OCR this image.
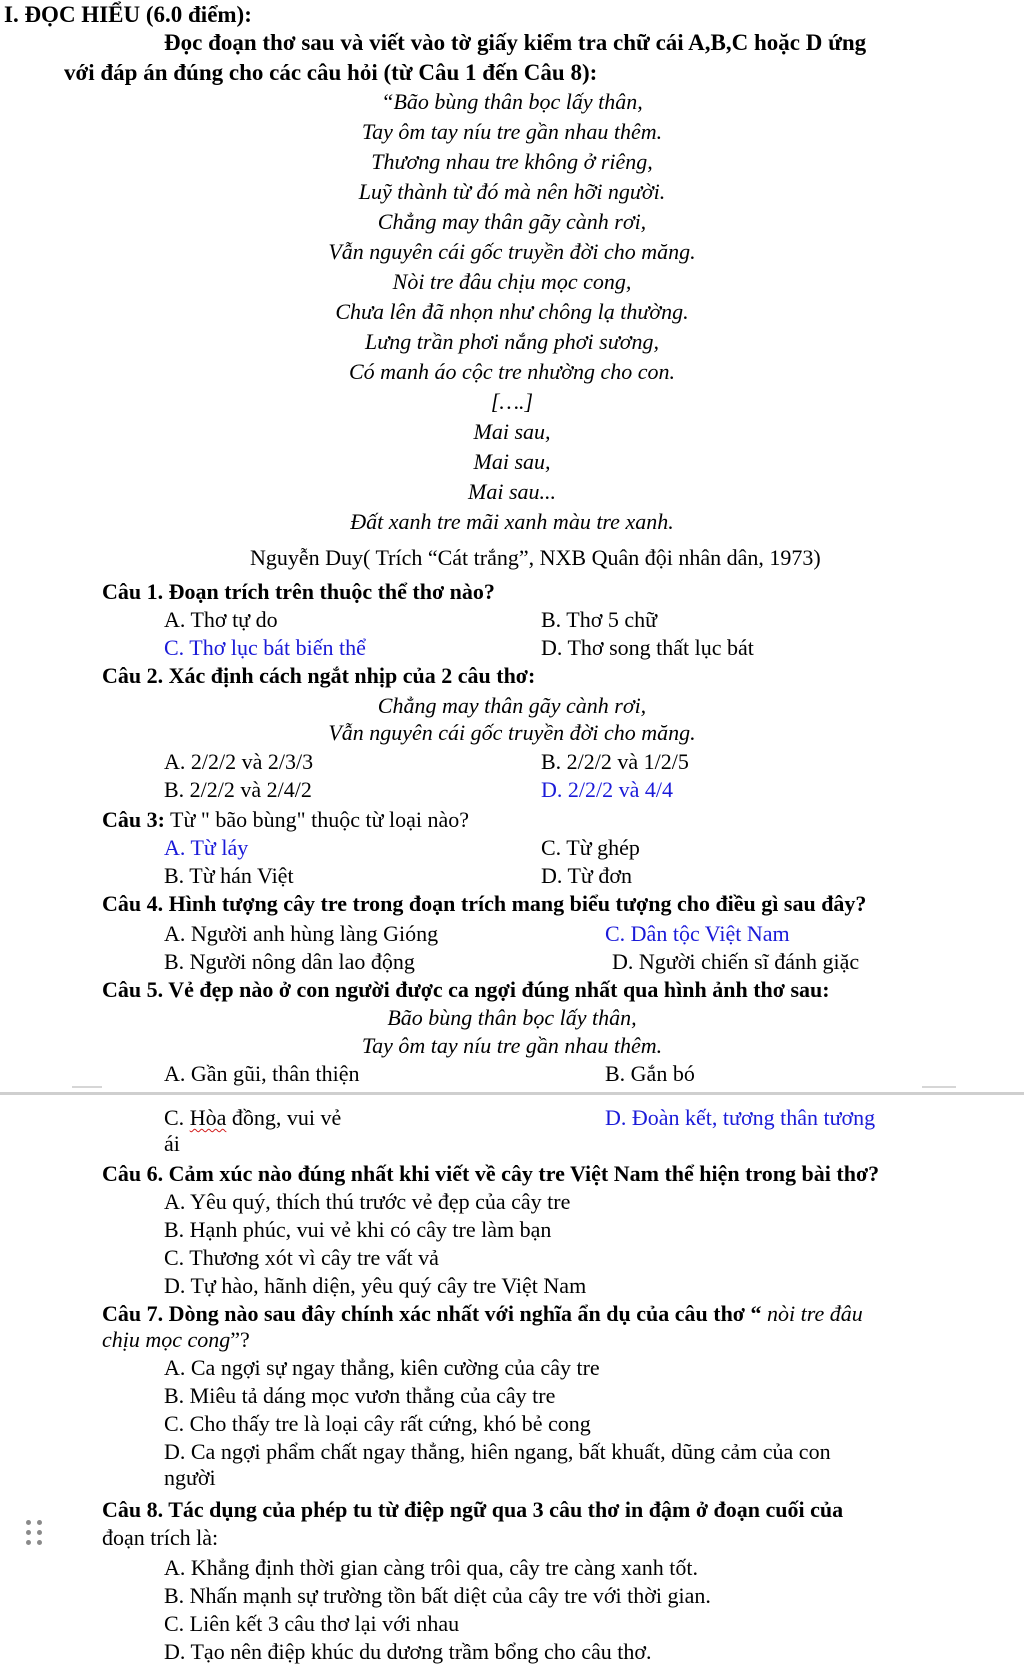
I. ĐỌC HIỂU (6.0 điểm):
Đọc đoạn thơ sau và viết vào tờ giấy kiểm tra chữ cái A,B,C hoặc D ứng
với đáp án đúng cho các câu hỏi (từ Câu 1 đến Câu 8):
“Bão bùng thân bọc lấy thân,
Tay ôm tay níu tre gần nhau thêm.
Thương nhau tre không ở riêng,
Luỹ thành từ đó mà nên hỡi người.
Chẳng may thân gãy cành rơi,
Vẫn nguyên cái gốc truyền đời cho măng.
Nòi tre đâu chịu mọc cong,
Chưa lên đã nhọn như chông lạ thường.
Lưng trần phơi nắng phơi sương,
Có manh áo cộc tre nhường cho con.
[….]
Mai sau,
Mai sau,
Mai sau...
Đất xanh tre mãi xanh màu tre xanh.
Nguyễn Duy( Trích “Cát trắng”, NXB Quân đội nhân dân, 1973)
Câu 1. Đoạn trích trên thuộc thể thơ nào?
A. Thơ tự do	B. Thơ 5 chữ
C. Thơ lục bát biến thể	D. Thơ song thất lục bát
Câu 2. Xác định cách ngắt nhịp của 2 câu thơ:
Chẳng may thân gãy cành rơi,
Vẫn nguyên cái gốc truyền đời cho măng.
A. 2/2/2 và 2/3/3	B. 2/2/2 và 1/2/5
B. 2/2/2 và 2/4/2	D. 2/2/2 và 4/4
Câu 3: Từ " bão bùng" thuộc từ loại nào?
A. Từ láy	C. Từ ghép
B. Từ hán Việt	D. Từ đơn
Câu 4. Hình tượng cây tre trong đoạn trích mang biểu tượng cho điều gì sau đây?
A. Người anh hùng làng Gióng	C. Dân tộc Việt Nam
B. Người nông dân lao động	D. Người chiến sĩ đánh giặc
Câu 5. Vẻ đẹp nào ở con người được ca ngợi đúng nhất qua hình ảnh thơ sau:
Bão bùng thân bọc lấy thân,
Tay ôm tay níu tre gần nhau thêm.
A. Gần gũi, thân thiện	B. Gắn bó
C. Hòa đồng, vui vẻ	D. Đoàn kết, tương thân tương
ái
Câu 6. Cảm xúc nào đúng nhất khi viết về cây tre Việt Nam thể hiện trong bài thơ?
A. Yêu quý, thích thú trước vẻ đẹp của cây tre
B. Hạnh phúc, vui vẻ khi có cây tre làm bạn
C. Thương xót vì cây tre vất vả
D. Tự hào, hãnh diện, yêu quý cây tre Việt Nam
Câu 7. Dòng nào sau đây chính xác nhất với nghĩa ẩn dụ của câu thơ “ nòi tre đâu
chịu mọc cong”?
A. Ca ngợi sự ngay thẳng, kiên cường của cây tre
B. Miêu tả dáng mọc vươn thẳng của cây tre
C. Cho thấy tre là loại cây rất cứng, khó bẻ cong
D. Ca ngợi phẩm chất ngay thẳng, hiên ngang, bất khuất, dũng cảm của con
người
Câu 8. Tác dụng của phép tu từ điệp ngữ qua 3 câu thơ in đậm ở đoạn cuối của
đoạn trích là:
A. Khẳng định thời gian càng trôi qua, cây tre càng xanh tốt.
B. Nhấn mạnh sự trường tồn bất diệt của cây tre với thời gian.
C. Liên kết 3 câu thơ lại với nhau
D. Tạo nên điệp khúc du dương trầm bổng cho câu thơ.
